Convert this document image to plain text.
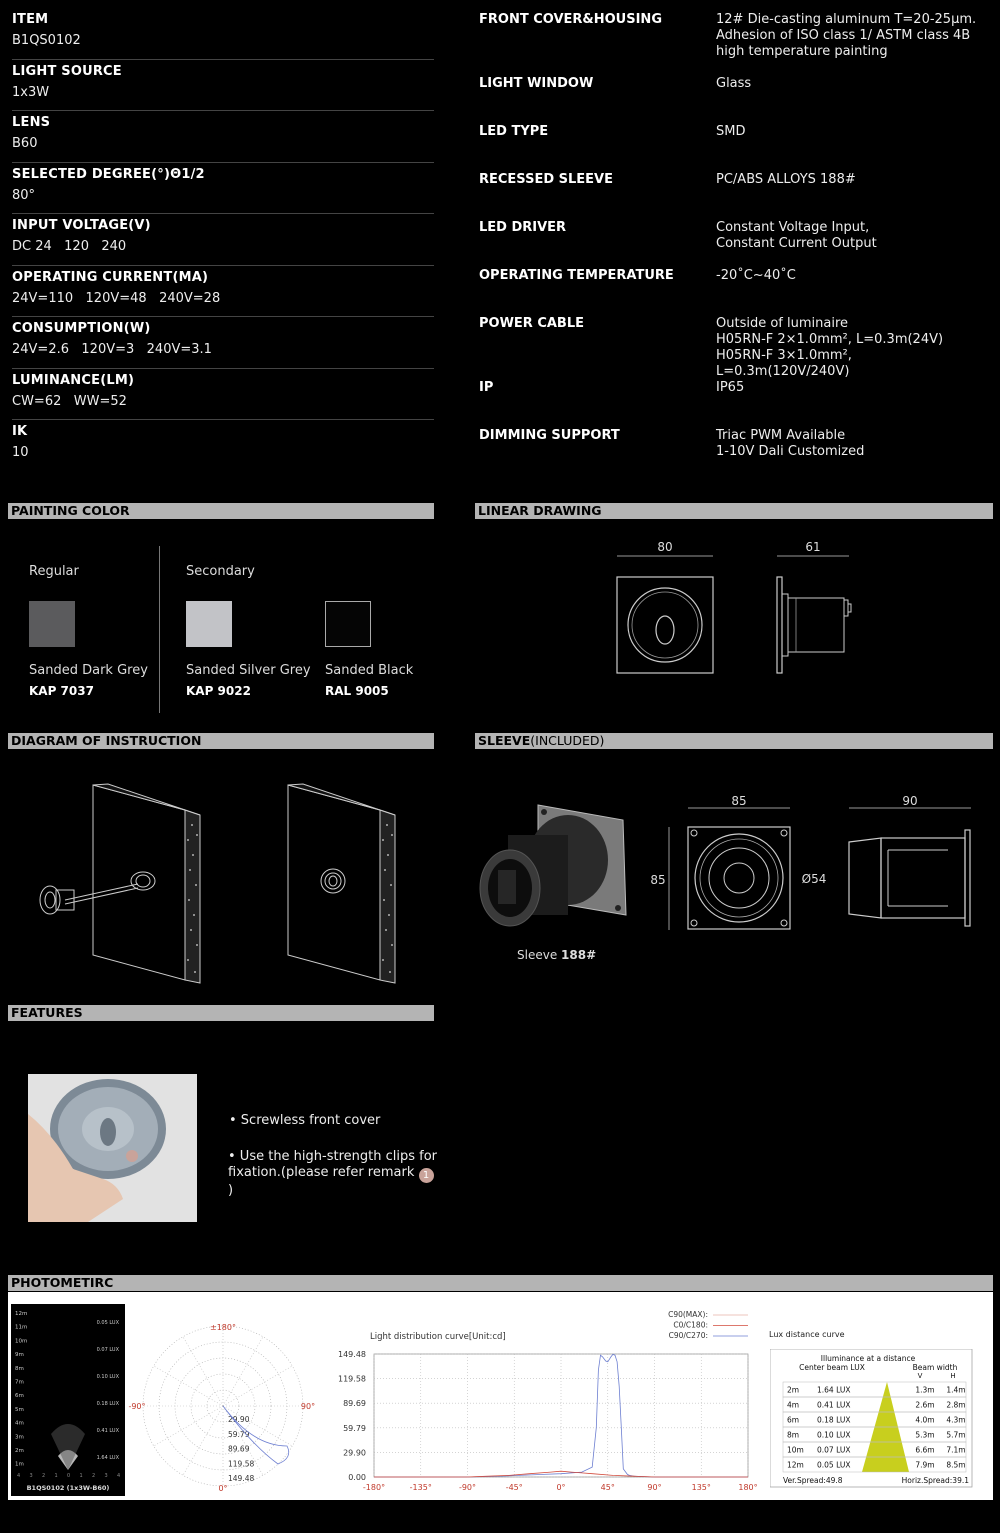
ITEM
B1QS0102
LIGHT SOURCE
1x3W
LENS
B60
SELECTED DEGREE(°)Θ1/2
80°
INPUT VOLTAGE(V)
DC 24   120   240
OPERATING CURRENT(MA)
24V=110   120V=48   240V=28
CONSUMPTION(W)
24V=2.6   120V=3   240V=3.1
LUMINANCE(LM)
CW=62   WW=52
IK
10
FRONT COVER&HOUSING	12# Die-casting aluminum T=20-25μm.
Adhesion of ISO class 1/ ASTM class 4B
high temperature painting
LIGHT WINDOW	Glass
LED TYPE	SMD
RECESSED SLEEVE	PC/ABS ALLOYS 188#
LED DRIVER	Constant Voltage Input,
Constant Current Output
OPERATING TEMPERATURE	-20˚C~40˚C
POWER CABLE	Outside of luminaire
H05RN-F 2×1.0mm², L=0.3m(24V)
H05RN-F 3×1.0mm², L=0.3m(120V/240V)
IP	IP65
DIMMING SUPPORT	Triac PWM Available
1-10V Dali Customized
PAINTING COLOR	LINEAR DRAWING
DIAGRAM OF INSTRUCTION	SLEEVE(INCLUDED)
FEATURES
PHOTOMETIRC
Regular	Secondary
Sanded Dark Grey
KAP 7037
Sanded Silver Grey
KAP 9022
Sanded Black
RAL 9005
80	61
Sleeve 188#
85
85	Ø54
90
• Screwless front cover
• Use the high-strength clips for
fixation.(please refer remark 1 )
12m
11m
10m
9m
8m
7m
6m
5m
4m
3m
2m
1m
0.05 LUX
0.07 LUX
0.10 LUX
0.18 LUX
0.41 LUX
1.64 LUX
4 3 2 1 0 1 2 3 4
B1QS0102 (1x3W-B60)
±180°
-90°	90°
0°
29.90
59.79
89.69
119.58
149.48
Light distribution curve[Unit:cd]
C90(MAX):
C0/C180:
C90/C270:
149.48
119.58
89.69
59.79
29.90
0.00
-180°	-135°	-90°	-45°	0°	45°	90°	135°	180°
Lux distance curve
Illuminance at a distance
Center beam LUX	Beam width
V	H
2m 1.64 LUX	1.3m 1.4m
4m 0.41 LUX	2.6m 2.8m
6m 0.18 LUX	4.0m 4.3m
8m 0.10 LUX	5.3m 5.7m
10m 0.07 LUX	6.6m 7.1m
12m 0.05 LUX	7.9m 8.5m
Ver.Spread:49.8	Horiz.Spread:39.1
